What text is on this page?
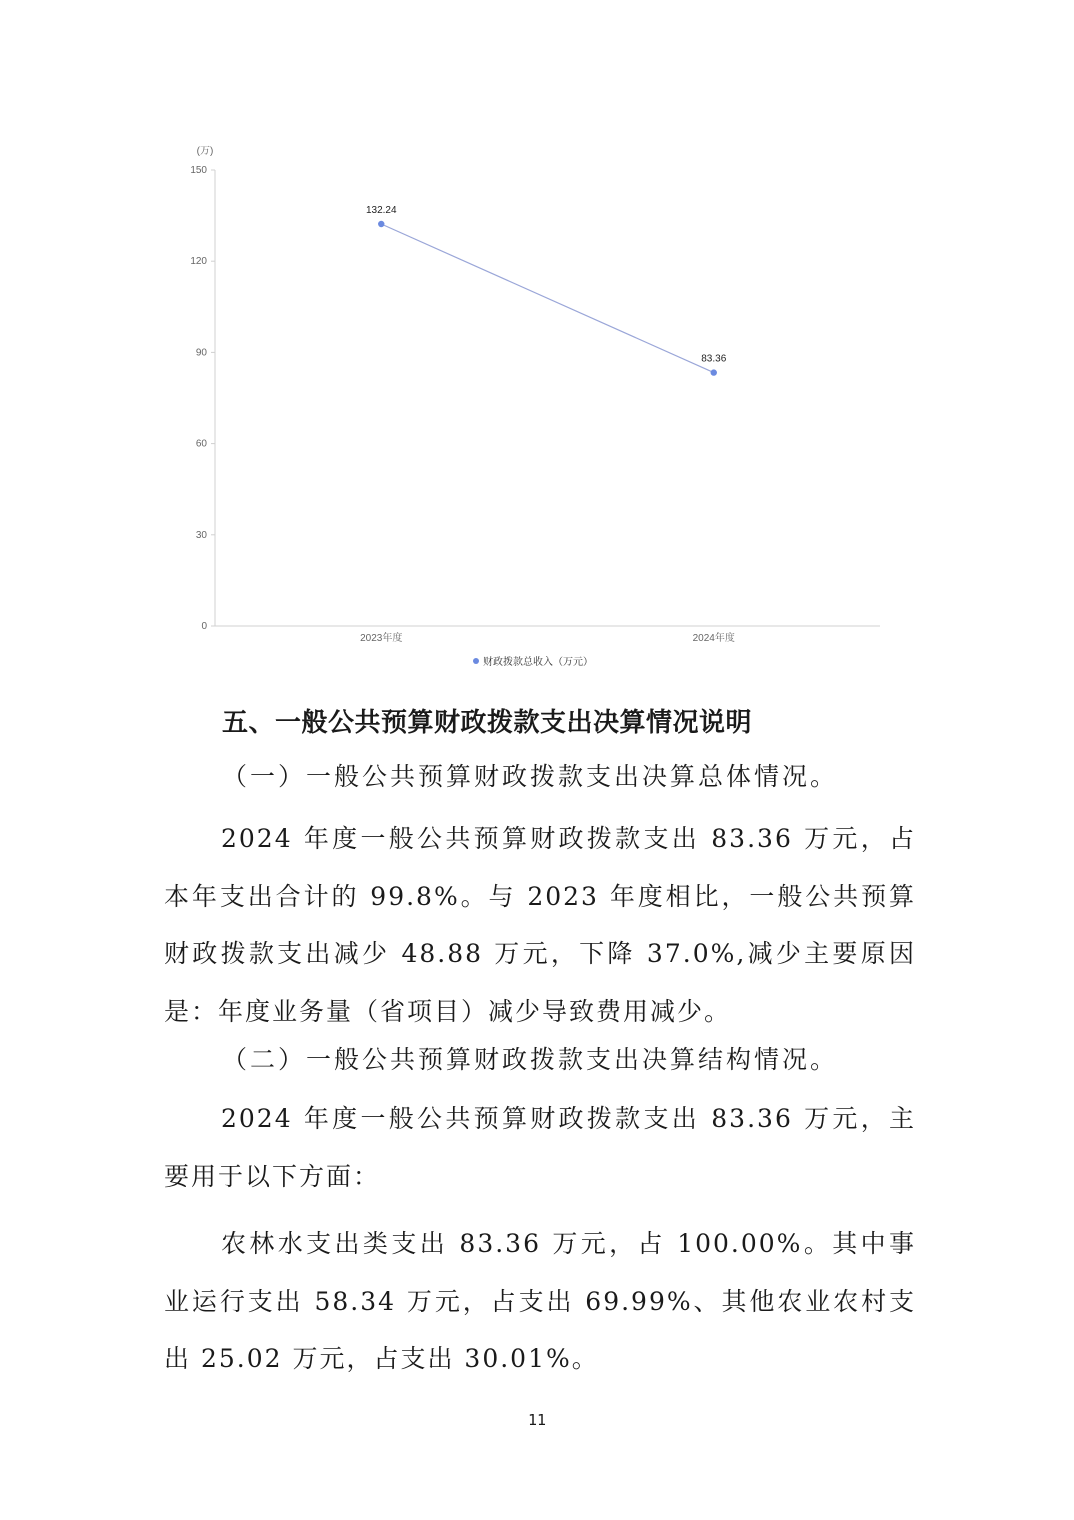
(万)
0
30
60
90
120
150
2023年度	2024年度
132.24
83.36
财政拨款总收入（万元）
五、一般公共预算财政拨款支出决算情况说明
（一）一般公共预算财政拨款支出决算总体情况。

2024 年度一般公共预算财政拨款支出 83.36 万元，占本年支出合计的 99.8%。与 2023 年度相比，一般公共预算财政拨款支出减少 48.88 万元，下降 37.0%,减少主要原因是：年度业务量（省项目）减少导致费用减少。

（二）一般公共预算财政拨款支出决算结构情况。

2024 年度一般公共预算财政拨款支出 83.36 万元，主要用于以下方面：

农林水支出类支出 83.36 万元，占 100.00%。其中事业运行支出 58.34 万元，占支出 69.99%、其他农业农村支出 25.02 万元，占支出 30.01%。

11
